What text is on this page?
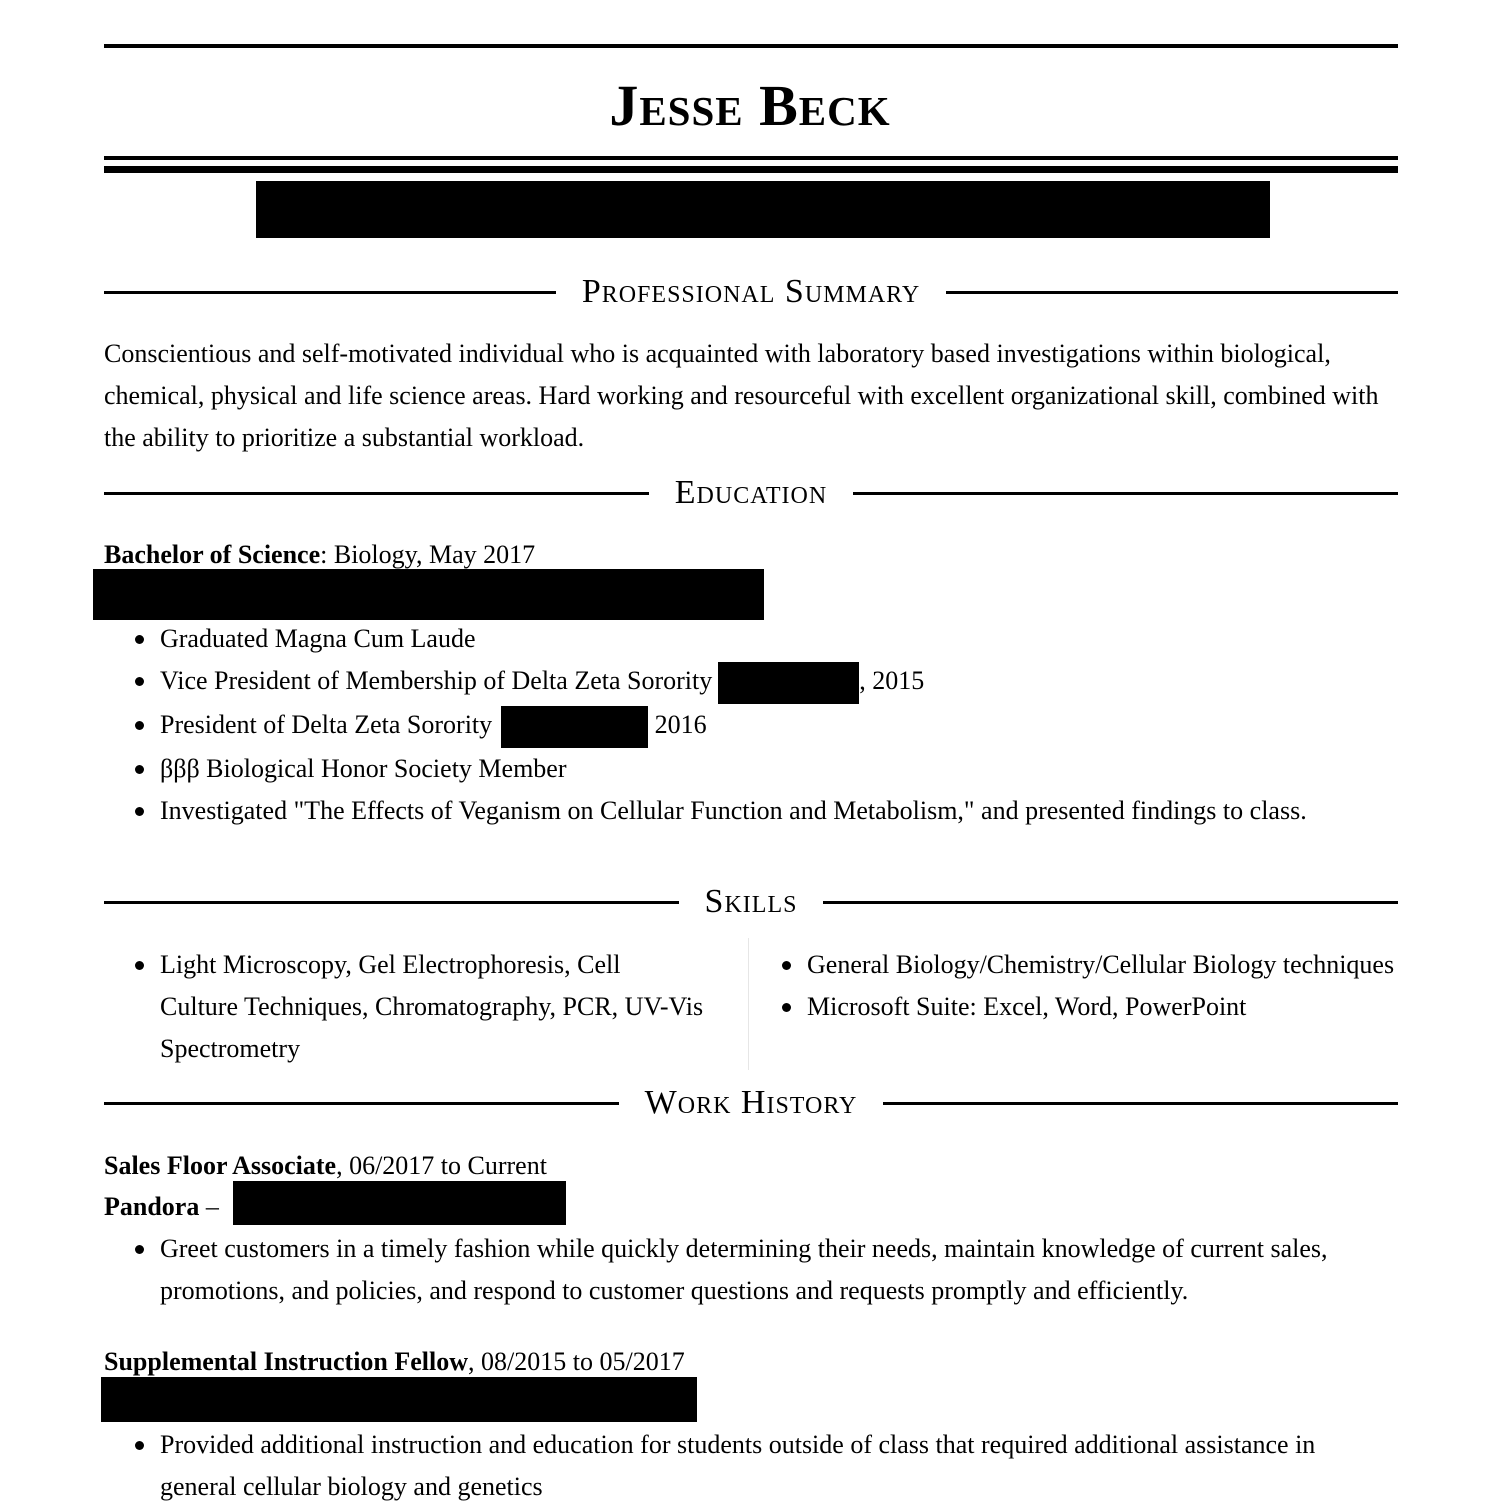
Jesse Beck
Professional Summary
Conscientious and self-motivated individual who is acquainted with laboratory based investigations within biological, chemical, physical and life science areas. Hard working and resourceful with excellent organizational skill, combined with the ability to prioritize a substantial workload.
Education
Bachelor of Science: Biology, May 2017
Graduated Magna Cum Laude
Vice President of Membership of Delta Zeta Sorority	, 2015
President of Delta Zeta Sorority	2016
βββ Biological Honor Society Member
Investigated "The Effects of Veganism on Cellular Function and Metabolism," and presented findings to class.
Skills
Light Microscopy, Gel Electrophoresis, Cell Culture Techniques, Chromatography, PCR, UV-Vis Spectrometry
General Biology/Chemistry/Cellular Biology techniques
Microsoft Suite: Excel, Word, PowerPoint
Work History
Sales Floor Associate, 06/2017 to Current
Pandora –
Greet customers in a timely fashion while quickly determining their needs, maintain knowledge of current sales, promotions, and policies, and respond to customer questions and requests promptly and efficiently.
Supplemental Instruction Fellow, 08/2015 to 05/2017
Provided additional instruction and education for students outside of class that required additional assistance in general cellular biology and genetics
